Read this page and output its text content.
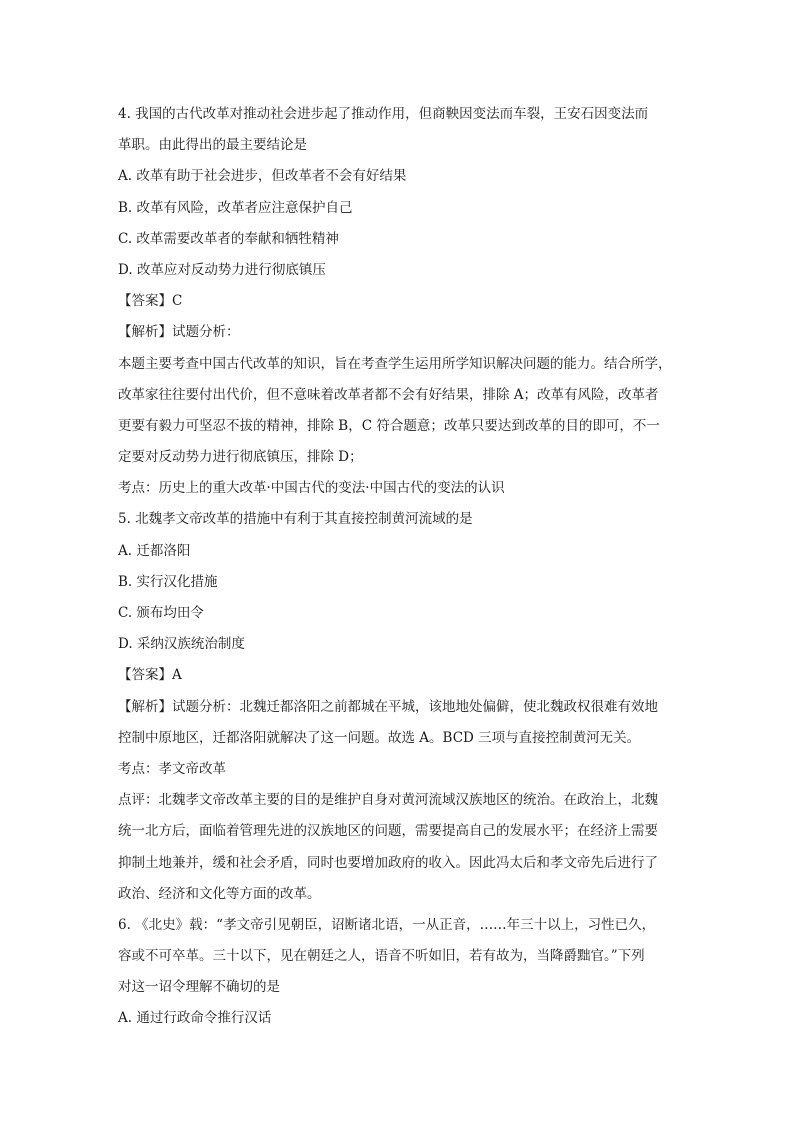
4. 我国的古代改革对推动社会进步起了推动作用，但商鞅因变法而车裂，王安石因变法而
革职。由此得出的最主要结论是
A. 改革有助于社会进步，但改革者不会有好结果
B. 改革有风险，改革者应注意保护自己
C. 改革需要改革者的奉献和牺牲精神
D. 改革应对反动势力进行彻底镇压
【答案】C
【解析】试题分析：
本题主要考查中国古代改革的知识，旨在考查学生运用所学知识解决问题的能力。结合所学，
改革家往往要付出代价，但不意味着改革者都不会有好结果，排除 A；改革有风险，改革者
更要有毅力可坚忍不拔的精神，排除 B，C 符合题意；改革只要达到改革的目的即可，不一
定要对反动势力进行彻底镇压，排除 D；
考点：历史上的重大改革·中国古代的变法·中国古代的变法的认识
5. 北魏孝文帝改革的措施中有利于其直接控制黄河流域的是
A. 迁都洛阳
B. 实行汉化措施
C. 颁布均田令
D. 采纳汉族统治制度
【答案】A
【解析】试题分析：北魏迁都洛阳之前都城在平城，该地地处偏僻，使北魏政权很难有效地
控制中原地区，迁都洛阳就解决了这一问题。故选 A。BCD 三项与直接控制黄河无关。
考点：孝文帝改革
点评：北魏孝文帝改革主要的目的是维护自身对黄河流域汉族地区的统治。在政治上，北魏
统一北方后，面临着管理先进的汉族地区的问题，需要提高自己的发展水平；在经济上需要
抑制土地兼并，缓和社会矛盾，同时也要增加政府的收入。因此冯太后和孝文帝先后进行了
政治、经济和文化等方面的改革。
6. 《北史》载：“孝文帝引见朝臣，诏断诸北语，一从正音，……年三十以上，习性已久，
容或不可卒革。三十以下，见在朝廷之人，语音不听如旧，若有故为，当降爵黜官。”下列
对这一诏令理解不确切的是
A. 通过行政命令推行汉话
